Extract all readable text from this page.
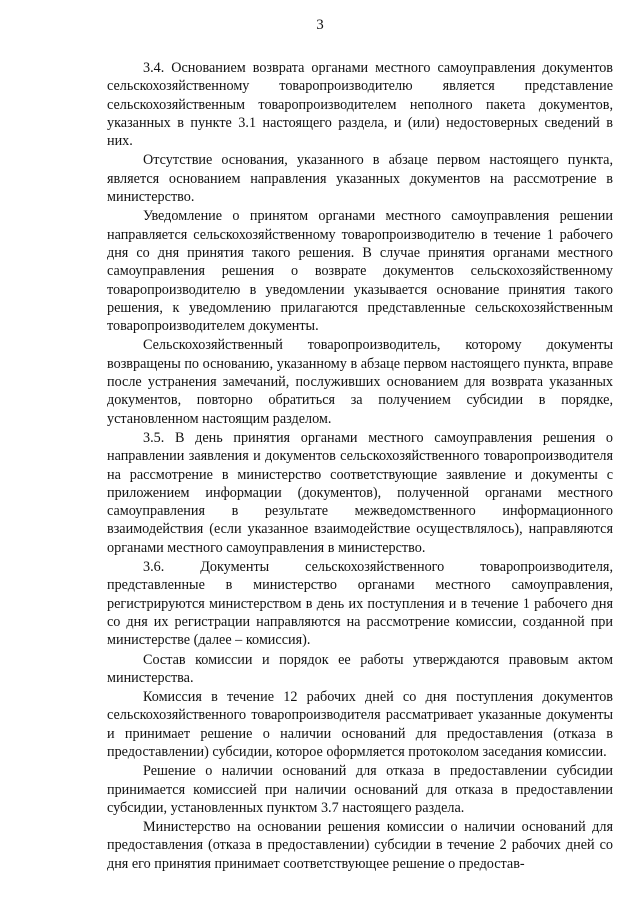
3

3.4. Основанием возврата органами местного самоуправления документов сельскохозяйственному товаропроизводителю является представление сельскохозяйственным товаропроизводителем неполного пакета документов, указанных в пункте 3.1 настоящего раздела, и (или) недостоверных сведений в них.

Отсутствие основания, указанного в абзаце первом настоящего пункта, является основанием направления указанных документов на рассмотрение в министерство.

Уведомление о принятом органами местного самоуправления решении направляется сельскохозяйственному товаропроизводителю в течение 1 рабочего дня со дня принятия такого решения. В случае принятия органами местного самоуправления решения о возврате документов сельскохозяйственному товаропроизводителю в уведомлении указывается основание принятия такого решения, к уведомлению прилагаются представленные сельскохозяйственным товаропроизводителем документы.

Сельскохозяйственный товаропроизводитель, которому документы возвращены по основанию, указанному в абзаце первом настоящего пункта, вправе после устранения замечаний, послуживших основанием для возврата указанных документов, повторно обратиться за получением субсидии в порядке, установленном настоящим разделом.

3.5. В день принятия органами местного самоуправления решения о направлении заявления и документов сельскохозяйственного товаропроизводителя на рассмотрение в министерство соответствующие заявление и документы с приложением информации (документов), полученной органами местного самоуправления в результате межведомственного информационного взаимодействия (если указанное взаимодействие осуществлялось), направляются органами местного самоуправления в министерство.

3.6. Документы сельскохозяйственного товаропроизводителя, представленные в министерство органами местного самоуправления, регистрируются министерством в день их поступления и в течение 1 рабочего дня со дня их регистрации направляются на рассмотрение комиссии, созданной при министерстве (далее – комиссия).

Состав комиссии и порядок ее работы утверждаются правовым актом министерства.

Комиссия в течение 12 рабочих дней со дня поступления документов сельскохозяйственного товаропроизводителя рассматривает указанные документы и принимает решение о наличии оснований для предоставления (отказа в предоставлении) субсидии, которое оформляется протоколом заседания комиссии.

Решение о наличии оснований для отказа в предоставлении субсидии принимается комиссией при наличии оснований для отказа в предоставлении субсидии, установленных пунктом 3.7 настоящего раздела.

Министерство на основании решения комиссии о наличии оснований для предоставления (отказа в предоставлении) субсидии в течение 2 рабочих дней со дня его принятия принимает соответствующее решение о предостав-
